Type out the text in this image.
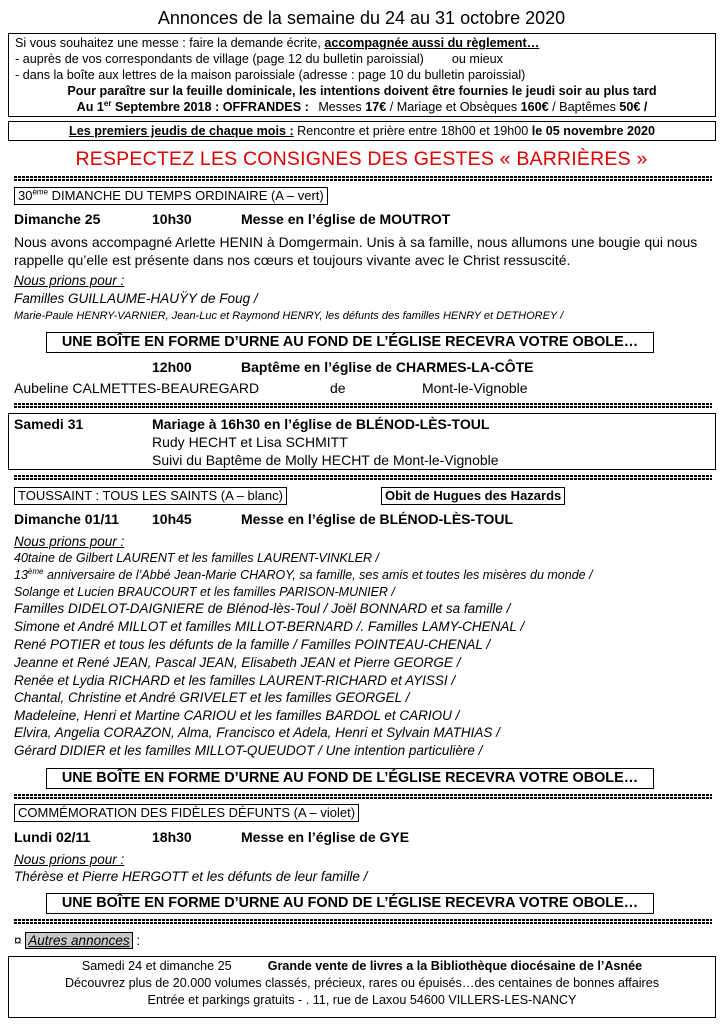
Annonces de la semaine du 24 au 31 octobre 2020
Si vous souhaitez une messe : faire la demande écrite, accompagnée aussi du règlement…
- auprès de vos correspondants de village (page 12 du bulletin paroissial) ou mieux
- dans la boîte aux lettres de la maison paroissiale (adresse : page 10 du bulletin paroissial)
Pour paraître sur la feuille dominicale, les intentions doivent être fournies le jeudi soir au plus tard
Au 1er Septembre 2018 : OFFRANDES : Messes 17€ / Mariage et Obsèques 160€ / Baptêmes 50€ /
Les premiers jeudis de chaque mois : Rencontre et prière entre 18h00 et 19h00 le 05 novembre 2020
RESPECTEZ LES CONSIGNES DES GESTES « BARRIÈRES »
30ème DIMANCHE DU TEMPS ORDINAIRE (A – vert)
Dimanche 25	10h30	Messe en l’église de MOUTROT
Nous avons accompagné Arlette HENIN à Domgermain. Unis à sa famille, nous allumons une bougie qui nous rappelle qu’elle est présente dans nos cœurs et toujours vivante avec le Christ ressuscité.
Nous prions pour :
Familles GUILLAUME-HAUŸY de Foug /
Marie-Paule HENRY-VARNIER, Jean-Luc et Raymond HENRY, les défunts des familles HENRY et DETHOREY /
UNE BOÎTE EN FORME D’URNE AU FOND DE L’ÉGLISE RECEVRA VOTRE OBOLE…
12h00	Baptême en l’église de CHARMES-LA-CÔTE
Aubeline CALMETTES-BEAUREGARD	de	Mont-le-Vignoble
Samedi 31	Mariage à 16h30 en l’église de BLÉNOD-LÈS-TOUL
Rudy HECHT et Lisa SCHMITT
Suivi du Baptême de Molly HECHT de Mont-le-Vignoble
TOUSSAINT : TOUS LES SAINTS (A – blanc)	Obit de Hugues des Hazards
Dimanche 01/11 10h45	Messe en l’église de BLÉNOD-LÈS-TOUL
Nous prions pour :
40taine de Gilbert LAURENT et les familles LAURENT-VINKLER /
13ème anniversaire de l’Abbé Jean-Marie CHAROY, sa famille, ses amis et toutes les misères du monde /
Solange et Lucien BRAUCOURT et les familles PARISON-MUNIER /
Familles DIDELOT-DAIGNIERE de Blénod-lès-Toul / Joël BONNARD et sa famille /
Simone et André MILLOT et familles MILLOT-BERNARD /. Familles LAMY-CHENAL /
René POTIER et tous les défunts de la famille / Familles POINTEAU-CHENAL /
Jeanne et René JEAN, Pascal JEAN, Elisabeth JEAN et Pierre GEORGE /
Renée et Lydia RICHARD et les familles LAURENT-RICHARD et AYISSI /
Chantal, Christine et André GRIVELET et les familles GEORGEL /
Madeleine, Henri et Martine CARIOU et les familles BARDOL et CARIOU /
Elvira, Angelia CORAZON, Alma, Francisco et Adela, Henri et Sylvain MATHIAS /
Gérard DIDIER et les familles MILLOT-QUEUDOT / Une intention particulière /
UNE BOÎTE EN FORME D’URNE AU FOND DE L’ÉGLISE RECEVRA VOTRE OBOLE…
COMMÉMORATION DES FIDÈLES DÉFUNTS (A – violet)
Lundi 02/11	18h30	Messe en l’église de GYE
Nous prions pour :
Thérèse et Pierre HERGOTT et les défunts de leur famille /
UNE BOÎTE EN FORME D’URNE AU FOND DE L’ÉGLISE RECEVRA VOTRE OBOLE…
¤ Autres annonces :
Samedi 24 et dimanche 25	Grande vente de livres a la Bibliothèque diocésaine de l’Asnée
Découvrez plus de 20.000 volumes classés, précieux, rares ou épuisés…des centaines de bonnes affaires
Entrée et parkings gratuits - . 11, rue de Laxou 54600 VILLERS-LES-NANCY
